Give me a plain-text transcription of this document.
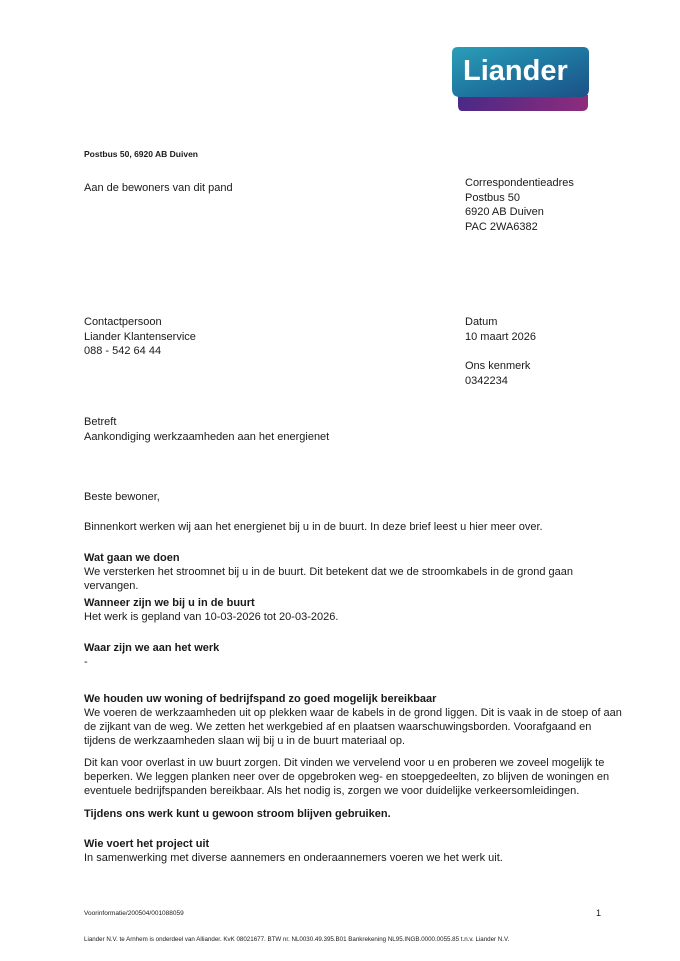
Liander
Postbus 50, 6920 AB Duiven
Aan de bewoners van dit pand	Correspondentieadres
Postbus 50
6920 AB Duiven
PAC 2WA6382
Contactpersoon
Liander Klantenservice
088 - 542 64 44
Datum
10 maart 2026
Ons kenmerk
0342234
Betreft
Aankondiging werkzaamheden aan het energienet
Beste bewoner,
Binnenkort werken wij aan het energienet bij u in de buurt. In deze brief leest u hier meer over.
Wat gaan we doen
We versterken het stroomnet bij u in de buurt. Dit betekent dat we de stroomkabels in de grond gaan vervangen.
Wanneer zijn we bij u in de buurt
Het werk is gepland van 10-03-2026 tot 20-03-2026.
Waar zijn we aan het werk
-
We houden uw woning of bedrijfspand zo goed mogelijk bereikbaar
We voeren de werkzaamheden uit op plekken waar de kabels in de grond liggen. Dit is vaak in de stoep of aan de zijkant van de weg. We zetten het werkgebied af en plaatsen waarschuwingsborden. Voorafgaand en tijdens de werkzaamheden slaan wij bij u in de buurt materiaal op.
Dit kan voor overlast in uw buurt zorgen. Dit vinden we vervelend voor u en proberen we zoveel mogelijk te beperken. We leggen planken neer over de opgebroken weg- en stoepgedeelten, zo blijven de woningen en eventuele bedrijfspanden bereikbaar. Als het nodig is, zorgen we voor duidelijke verkeersomleidingen.
Tijdens ons werk kunt u gewoon stroom blijven gebruiken.
Wie voert het project uit
In samenwerking met diverse aannemers en onderaannemers voeren we het werk uit.
Voorinformatie/200504/001088059	1
Liander N.V. te Arnhem is onderdeel van Alliander. KvK 08021677. BTW nr. NL0030.49.395.B01 Bankrekening NL95.INGB.0000.0055.85 t.n.v. Liander N.V.
